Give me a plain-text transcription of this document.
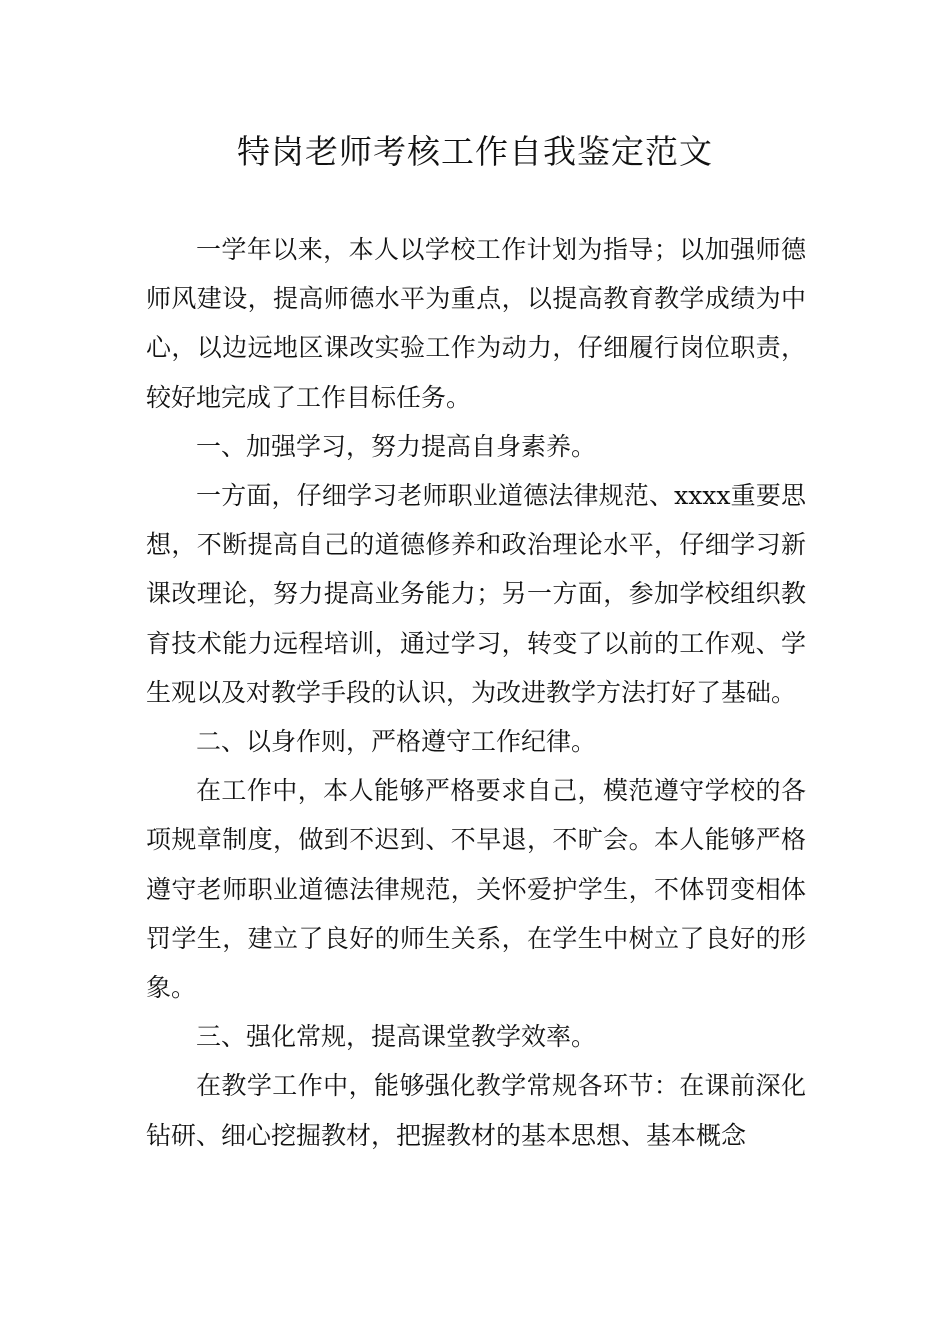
特岗老师考核工作自我鉴定范文

一学年以来，本人以学校工作计划为指导；以加强师德师风建设，提高师德水平为重点，以提高教育教学成绩为中心，以边远地区课改实验工作为动力，仔细履行岗位职责，较好地完成了工作目标任务。

一、加强学习，努力提高自身素养。

一方面，仔细学习老师职业道德法律规范、xxxx重要思想，不断提高自己的道德修养和政治理论水平，仔细学习新课改理论，努力提高业务能力；另一方面，参加学校组织教育技术能力远程培训，通过学习，转变了以前的工作观、学生观以及对教学手段的认识，为改进教学方法打好了基础。

二、以身作则，严格遵守工作纪律。

在工作中，本人能够严格要求自己，模范遵守学校的各项规章制度，做到不迟到、不早退，不旷会。本人能够严格遵守老师职业道德法律规范，关怀爱护学生，不体罚变相体罚学生，建立了良好的师生关系，在学生中树立了良好的形象。

三、强化常规，提高课堂教学效率。

在教学工作中，能够强化教学常规各环节：在课前深化钻研、细心挖掘教材，把握教材的基本思想、基本概念
